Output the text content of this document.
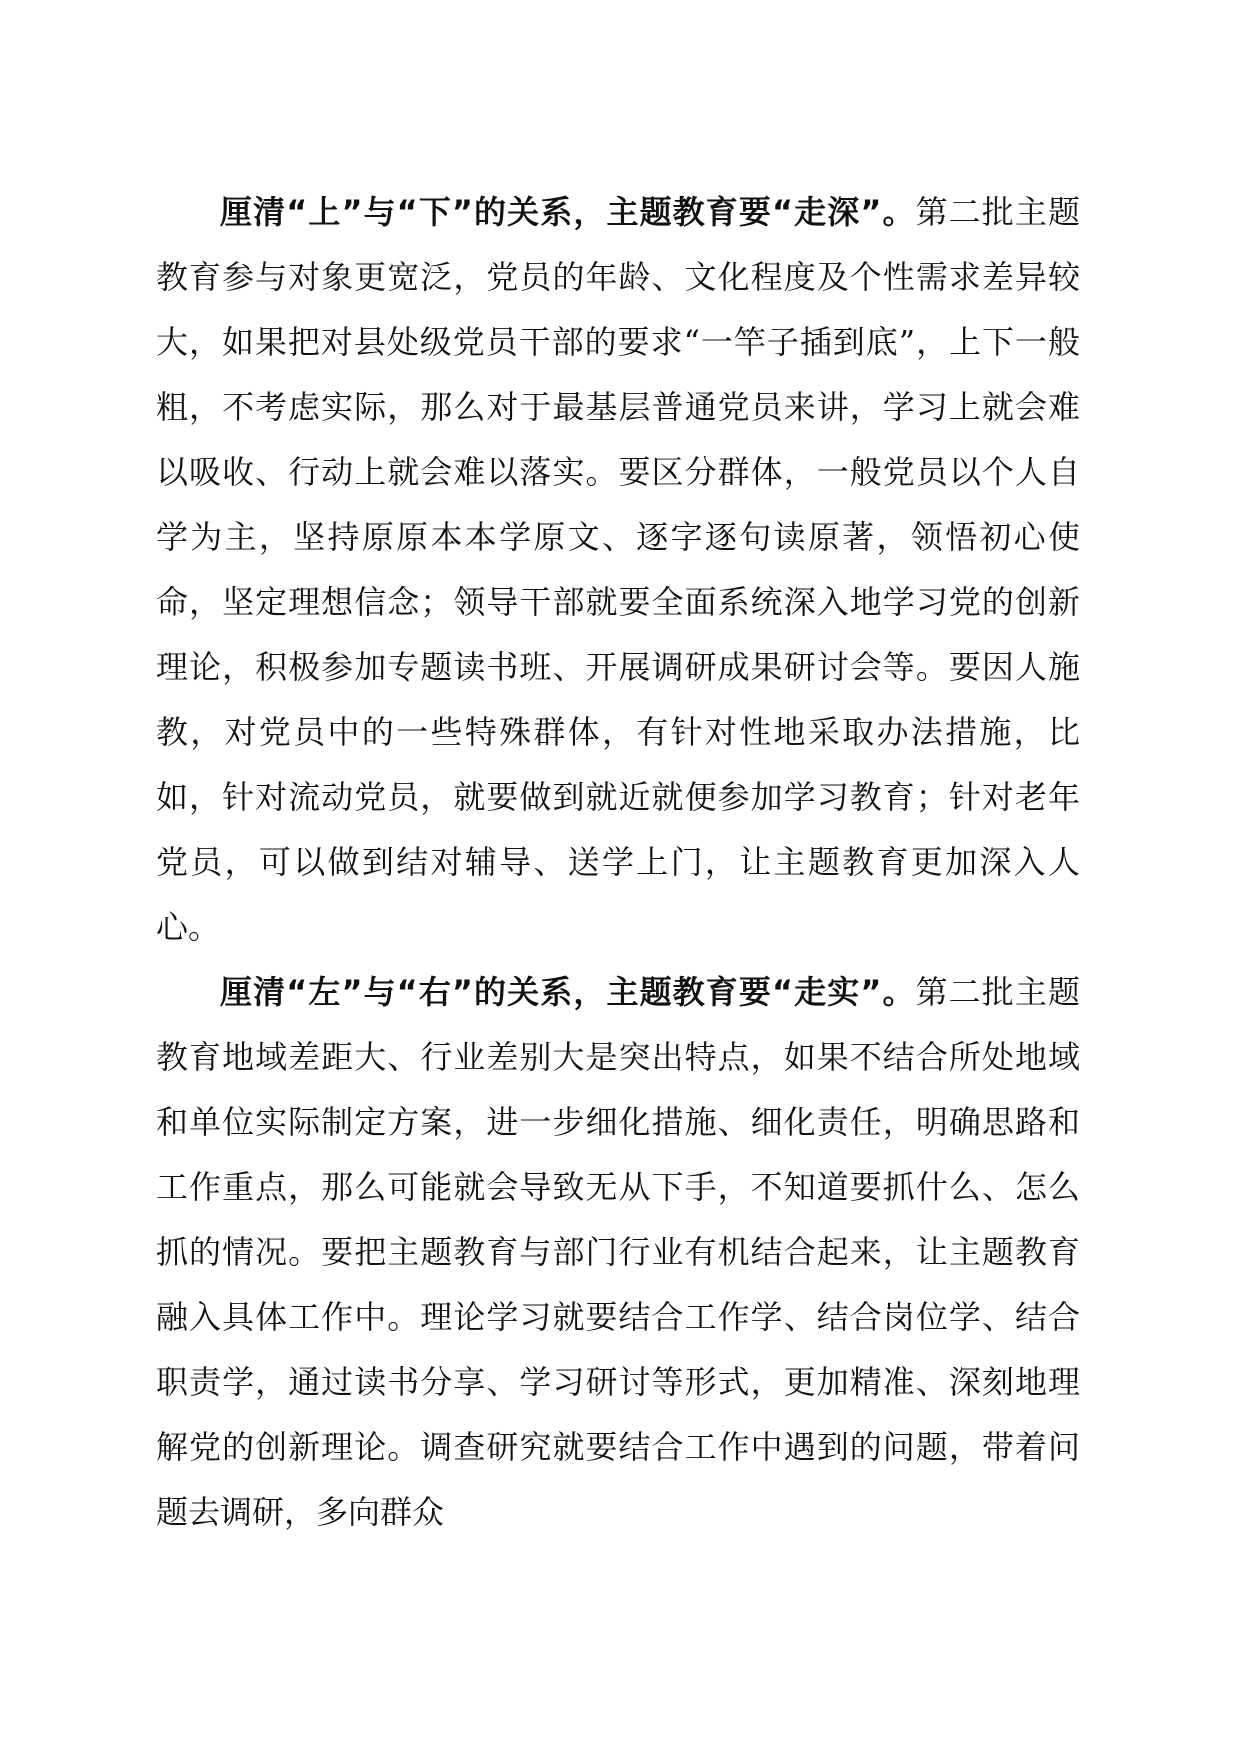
厘清“上”与“下”的关系，主题教育要“走深”。第二批主题教育参与对象更宽泛，党员的年龄、文化程度及个性需求差异较大，如果把对县处级党员干部的要求“一竿子插到底”，上下一般粗，不考虑实际，那么对于最基层普通党员来讲，学习上就会难以吸收、行动上就会难以落实。要区分群体，一般党员以个人自学为主，坚持原原本本学原文、逐字逐句读原著，领悟初心使命，坚定理想信念；领导干部就要全面系统深入地学习党的创新理论，积极参加专题读书班、开展调研成果研讨会等。要因人施教，对党员中的一些特殊群体，有针对性地采取办法措施，比如，针对流动党员，就要做到就近就便参加学习教育；针对老年党员，可以做到结对辅导、送学上门，让主题教育更加深入人心。

厘清“左”与“右”的关系，主题教育要“走实”。第二批主题教育地域差距大、行业差别大是突出特点，如果不结合所处地域和单位实际制定方案，进一步细化措施、细化责任，明确思路和工作重点，那么可能就会导致无从下手，不知道要抓什么、怎么抓的情况。要把主题教育与部门行业有机结合起来，让主题教育融入具体工作中。理论学习就要结合工作学、结合岗位学、结合职责学，通过读书分享、学习研讨等形式，更加精准、深刻地理解党的创新理论。调查研究就要结合工作中遇到的问题，带着问题去调研，多向群众
